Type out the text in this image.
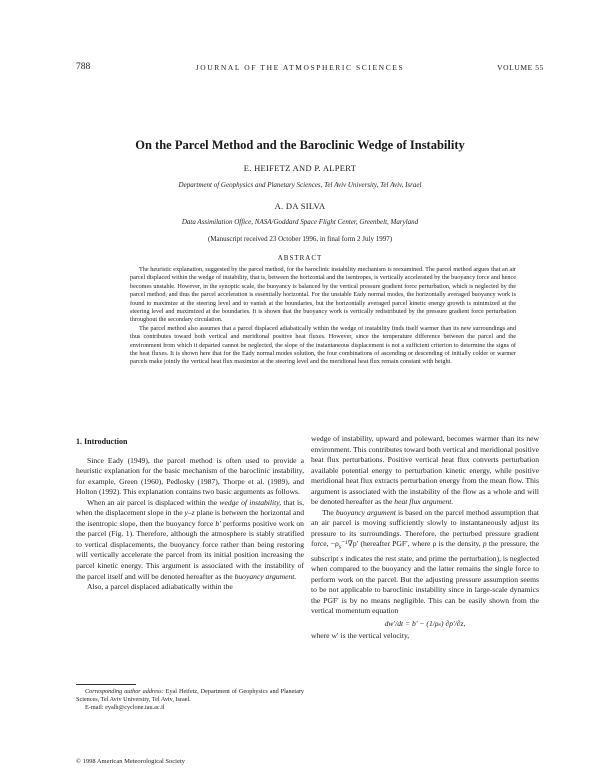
788	JOURNAL OF THE ATMOSPHERIC SCIENCES	VOLUME 55
On the Parcel Method and the Baroclinic Wedge of Instability
E. HEIFETZ AND P. ALPERT
Department of Geophysics and Planetary Sciences, Tel Aviv University, Tel Aviv, Israel
A. DA SILVA
Data Assimilation Office, NASA/Goddard Space Flight Center, Greenbelt, Maryland
(Manuscript received 23 October 1996, in final form 2 July 1997)
ABSTRACT

The heuristic explanation, suggested by the parcel method, for the baroclinic instability mechanism is reexamined. The parcel method argues that an air parcel displaced within the wedge of instability, that is, between the horizontal and the isentropes, is vertically accelerated by the buoyancy force and hence becomes unstable. However, in the synoptic scale, the buoyancy is balanced by the vertical pressure gradient force perturbation, which is neglected by the parcel method, and thus the parcel acceleration is essentially horizontal. For the unstable Eady normal modes, the horizontally averaged buoyancy work is found to maximize at the steering level and to vanish at the boundaries, but the horizontally averaged parcel kinetic energy growth is minimized at the steering level and maximized at the boundaries. It is shown that the buoyancy work is vertically redistributed by the pressure gradient force perturbation throughout the secondary circulation.

The parcel method also assumes that a parcel displaced adiabatically within the wedge of instability finds itself warmer than its new surroundings and thus contributes toward both vertical and meridional positive heat fluxes. However, since the temperature difference between the parcel and the environment from which it departed cannot be neglected, the slope of the instantaneous displacement is not a sufficient criterion to determine the signs of the heat fluxes. It is shown here that for the Eady normal modes solution, the four combinations of ascending or descending of initially colder or warmer parcels make jointly the vertical heat flux maximize at the steering level and the meridional heat flux remain constant with height.

1. Introduction

Since Eady (1949), the parcel method is often used to provide a heuristic explanation for the basic mechanism of the baroclinic instability, for example, Green (1960), Pedlosky (1987), Thorpe et al. (1989), and Holton (1992). This explanation contains two basic arguments as follows.

When an air parcel is displaced within the wedge of instability, that is, when the displacement slope in the y–z plane is between the horizontal and the isentropic slope, then the buoyancy force b′ performs positive work on the parcel (Fig. 1). Therefore, although the atmosphere is stably stratified to vertical displacements, the buoyancy force rather than being restoring will vertically accelerate the parcel from its initial position increasing the parcel kinetic energy. This argument is associated with the instability of the parcel itself and will be denoted hereafter as the buoyancy argument.

Also, a parcel displaced adiabatically within the

wedge of instability, upward and poleward, becomes warmer than its new environment. This contributes toward both vertical and meridional positive heat flux perturbations. Positive vertical heat flux converts perturbation available potential energy to perturbation kinetic energy, while positive meridional heat flux extracts perturbation energy from the mean flow. This argument is associated with the instability of the flow as a whole and will be denoted hereafter as the heat flux argument.

The buoyancy argument is based on the parcel method assumption that an air parcel is moving sufficiently slowly to instantaneously adjust its pressure to its surroundings. Therefore, the perturbed pressure gradient force, $-\rho_s^{-1}\nabla p'$ (hereafter PGF′, where ρ is the density, p the pressure, the subscript s indicates the rest state, and prime the perturbation), is neglected when compared to the buoyancy and the latter remains the single force to perform work on the parcel. But the adjusting pressure assumption seems to be not applicable to baroclinic instability since in large-scale dynamics the PGF′ is by no means negligible. This can be easily shown from the vertical momentum equation

dw′/dt = b′ − (1/ρₛ) ∂p′/∂z,

where w′ is the vertical velocity,

Corresponding author address: Eyal Heifetz, Department of Geophysics and Planetary Sciences, Tel Aviv University, Tel Aviv, Israel.

E-mail: eyalh@cyclone.tau.ac.il

© 1998 American Meteorological Society
